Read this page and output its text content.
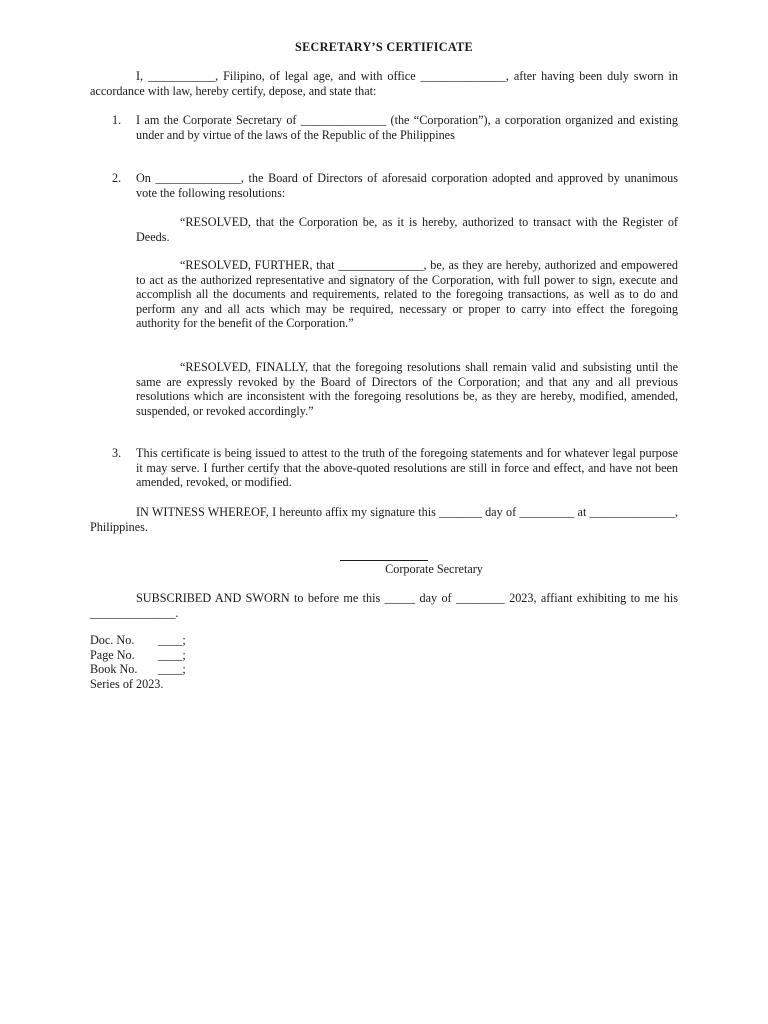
SECRETARY’S CERTIFICATE

I, ___________, Filipino, of legal age, and with office ______________, after having been duly sworn in accordance with law, hereby certify, depose, and state that:

1. I am the Corporate Secretary of ______________ (the “Corporation”), a corporation organized and existing under and by virtue of the laws of the Republic of the Philippines

2. On ______________, the Board of Directors of aforesaid corporation adopted and approved by unanimous vote the following resolutions:

“RESOLVED, that the Corporation be, as it is hereby, authorized to transact with the Register of Deeds.

“RESOLVED, FURTHER, that ______________, be, as they are hereby, authorized and empowered to act as the authorized representative and signatory of the Corporation, with full power to sign, execute and accomplish all the documents and requirements, related to the foregoing transactions, as well as to do and perform any and all acts which may be required, necessary or proper to carry into effect the foregoing authority for the benefit of the Corporation.”

“RESOLVED, FINALLY, that the foregoing resolutions shall remain valid and subsisting until the same are expressly revoked by the Board of Directors of the Corporation; and that any and all previous resolutions which are inconsistent with the foregoing resolutions be, as they are hereby, modified, amended, suspended, or revoked accordingly.”

3. This certificate is being issued to attest to the truth of the foregoing statements and for whatever legal purpose it may serve. I further certify that the above-quoted resolutions are still in force and effect, and have not been amended, revoked, or modified.

IN WITNESS WHEREOF, I hereunto affix my signature this _______ day of _________ at ______________, Philippines.

Corporate Secretary

SUBSCRIBED AND SWORN to before me this _____ day of ________ 2023, affiant exhibiting to me his ______________.

Doc. No. ____;
Page No. ____;
Book No. ____;
Series of 2023.
